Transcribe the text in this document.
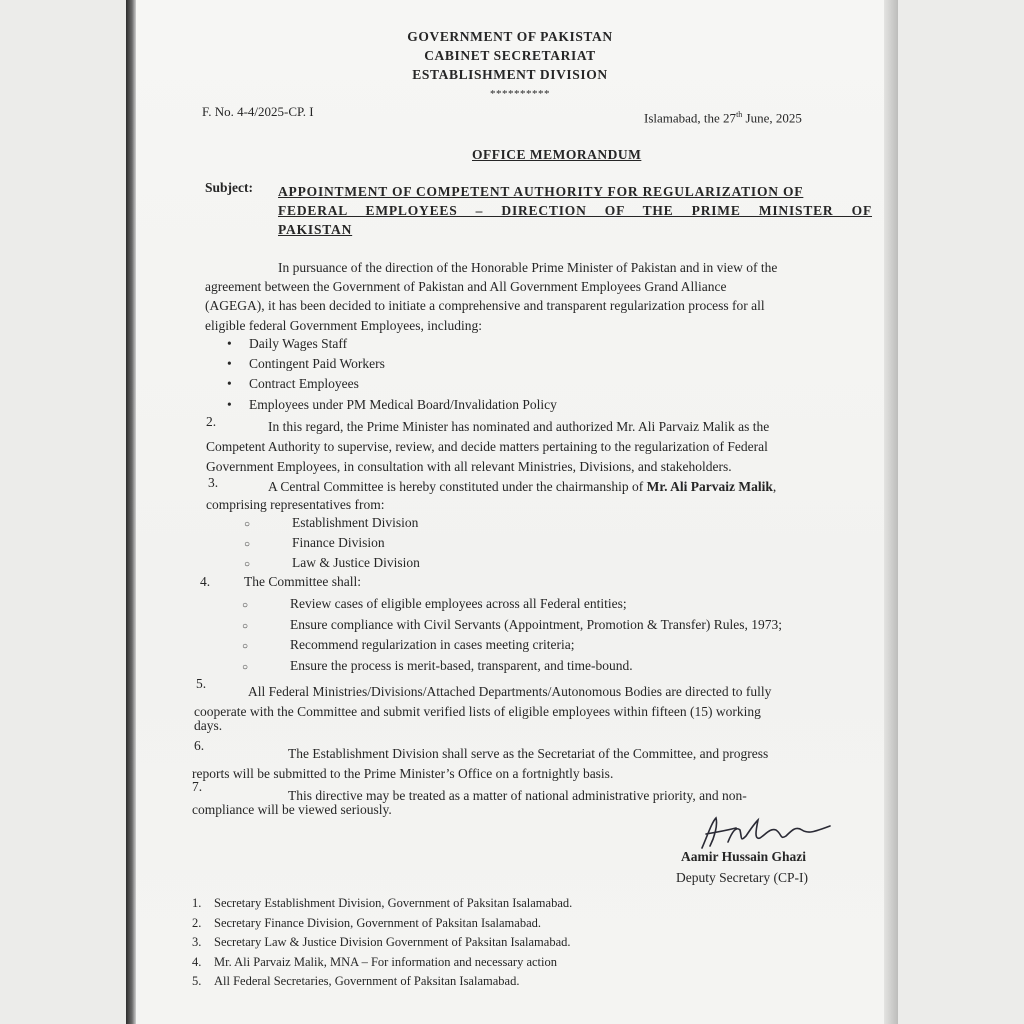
GOVERNMENT OF PAKISTAN
CABINET SECRETARIAT
ESTABLISHMENT DIVISION
**********
F. No. 4-4/2025-CP. I	Islamabad, the 27th June, 2025
OFFICE MEMORANDUM
Subject: APPOINTMENT OF COMPETENT AUTHORITY FOR REGULARIZATION OF
FEDERAL EMPLOYEES – DIRECTION OF THE PRIME MINISTER OF
PAKISTAN
In pursuance of the direction of the Honorable Prime Minister of Pakistan and in view of the
agreement between the Government of Pakistan and All Government Employees Grand Alliance
(AGEGA), it has been decided to initiate a comprehensive and transparent regularization process for all
eligible federal Government Employees, including:
• Daily Wages Staff
• Contingent Paid Workers
• Contract Employees
• Employees under PM Medical Board/Invalidation Policy
2.	In this regard, the Prime Minister has nominated and authorized Mr. Ali Parvaiz Malik as the
Competent Authority to supervise, review, and decide matters pertaining to the regularization of Federal
Government Employees, in consultation with all relevant Ministries, Divisions, and stakeholders.
3.	A Central Committee is hereby constituted under the chairmanship of Mr. Ali Parvaiz Malik,
comprising representatives from:
○	Establishment Division
○	Finance Division
○	Law & Justice Division
4.	The Committee shall:
○	Review cases of eligible employees across all Federal entities;
○	Ensure compliance with Civil Servants (Appointment, Promotion & Transfer) Rules, 1973;
○	Recommend regularization in cases meeting criteria;
○	Ensure the process is merit-based, transparent, and time-bound.
5.
All Federal Ministries/Divisions/Attached Departments/Autonomous Bodies are directed to fully
cooperate with the Committee and submit verified lists of eligible employees within fifteen (15) working
days.
6.
The Establishment Division shall serve as the Secretariat of the Committee, and progress
reports will be submitted to the Prime Minister’s Office on a fortnightly basis.
7.
This directive may be treated as a matter of national administrative priority, and non-
compliance will be viewed seriously.
Aamir Hussain Ghazi
Deputy Secretary (CP-I)
1. Secretary Establishment Division, Government of Paksitan Isalamabad.
2. Secretary Finance Division, Government of Paksitan Isalamabad.
3. Secretary Law & Justice Division Government of Paksitan Isalamabad.
4. Mr. Ali Parvaiz Malik, MNA – For information and necessary action
5. All Federal Secretaries, Government of Paksitan Isalamabad.
